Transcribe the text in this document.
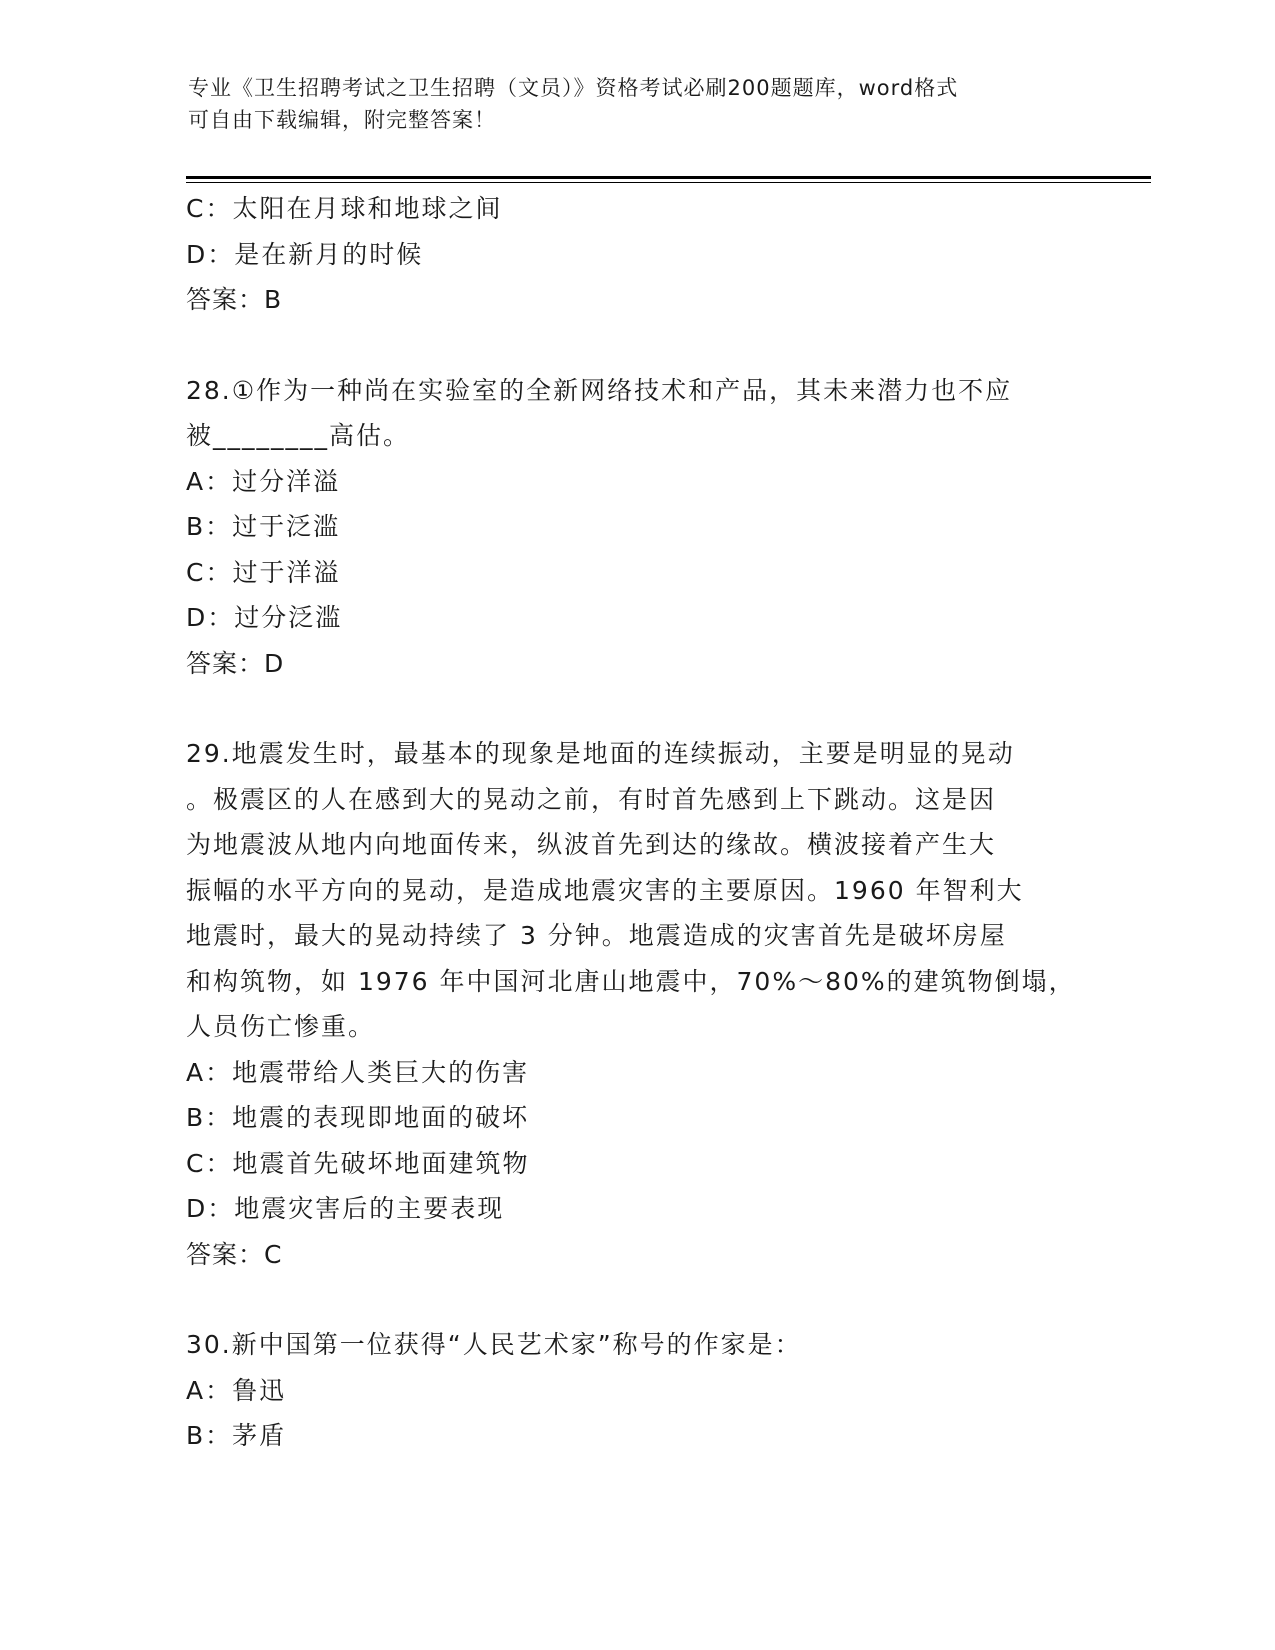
专业《卫生招聘考试之卫生招聘（文员）》资格考试必刷200题题库，word格式
可自由下载编辑，附完整答案！
C：太阳在月球和地球之间
D：是在新月的时候
答案：B
28.①作为一种尚在实验室的全新网络技术和产品，其未来潜力也不应
被________高估。
A：过分洋溢
B：过于泛滥
C：过于洋溢
D：过分泛滥
答案：D
29.地震发生时，最基本的现象是地面的连续振动，主要是明显的晃动
。极震区的人在感到大的晃动之前，有时首先感到上下跳动。这是因
为地震波从地内向地面传来，纵波首先到达的缘故。横波接着产生大
振幅的水平方向的晃动，是造成地震灾害的主要原因。1960 年智利大
地震时，最大的晃动持续了 3 分钟。地震造成的灾害首先是破坏房屋
和构筑物，如 1976 年中国河北唐山地震中，70%～80%的建筑物倒塌，
人员伤亡惨重。
A：地震带给人类巨大的伤害
B：地震的表现即地面的破坏
C：地震首先破坏地面建筑物
D：地震灾害后的主要表现
答案：C
30.新中国第一位获得“人民艺术家”称号的作家是：
A：鲁迅
B：茅盾
